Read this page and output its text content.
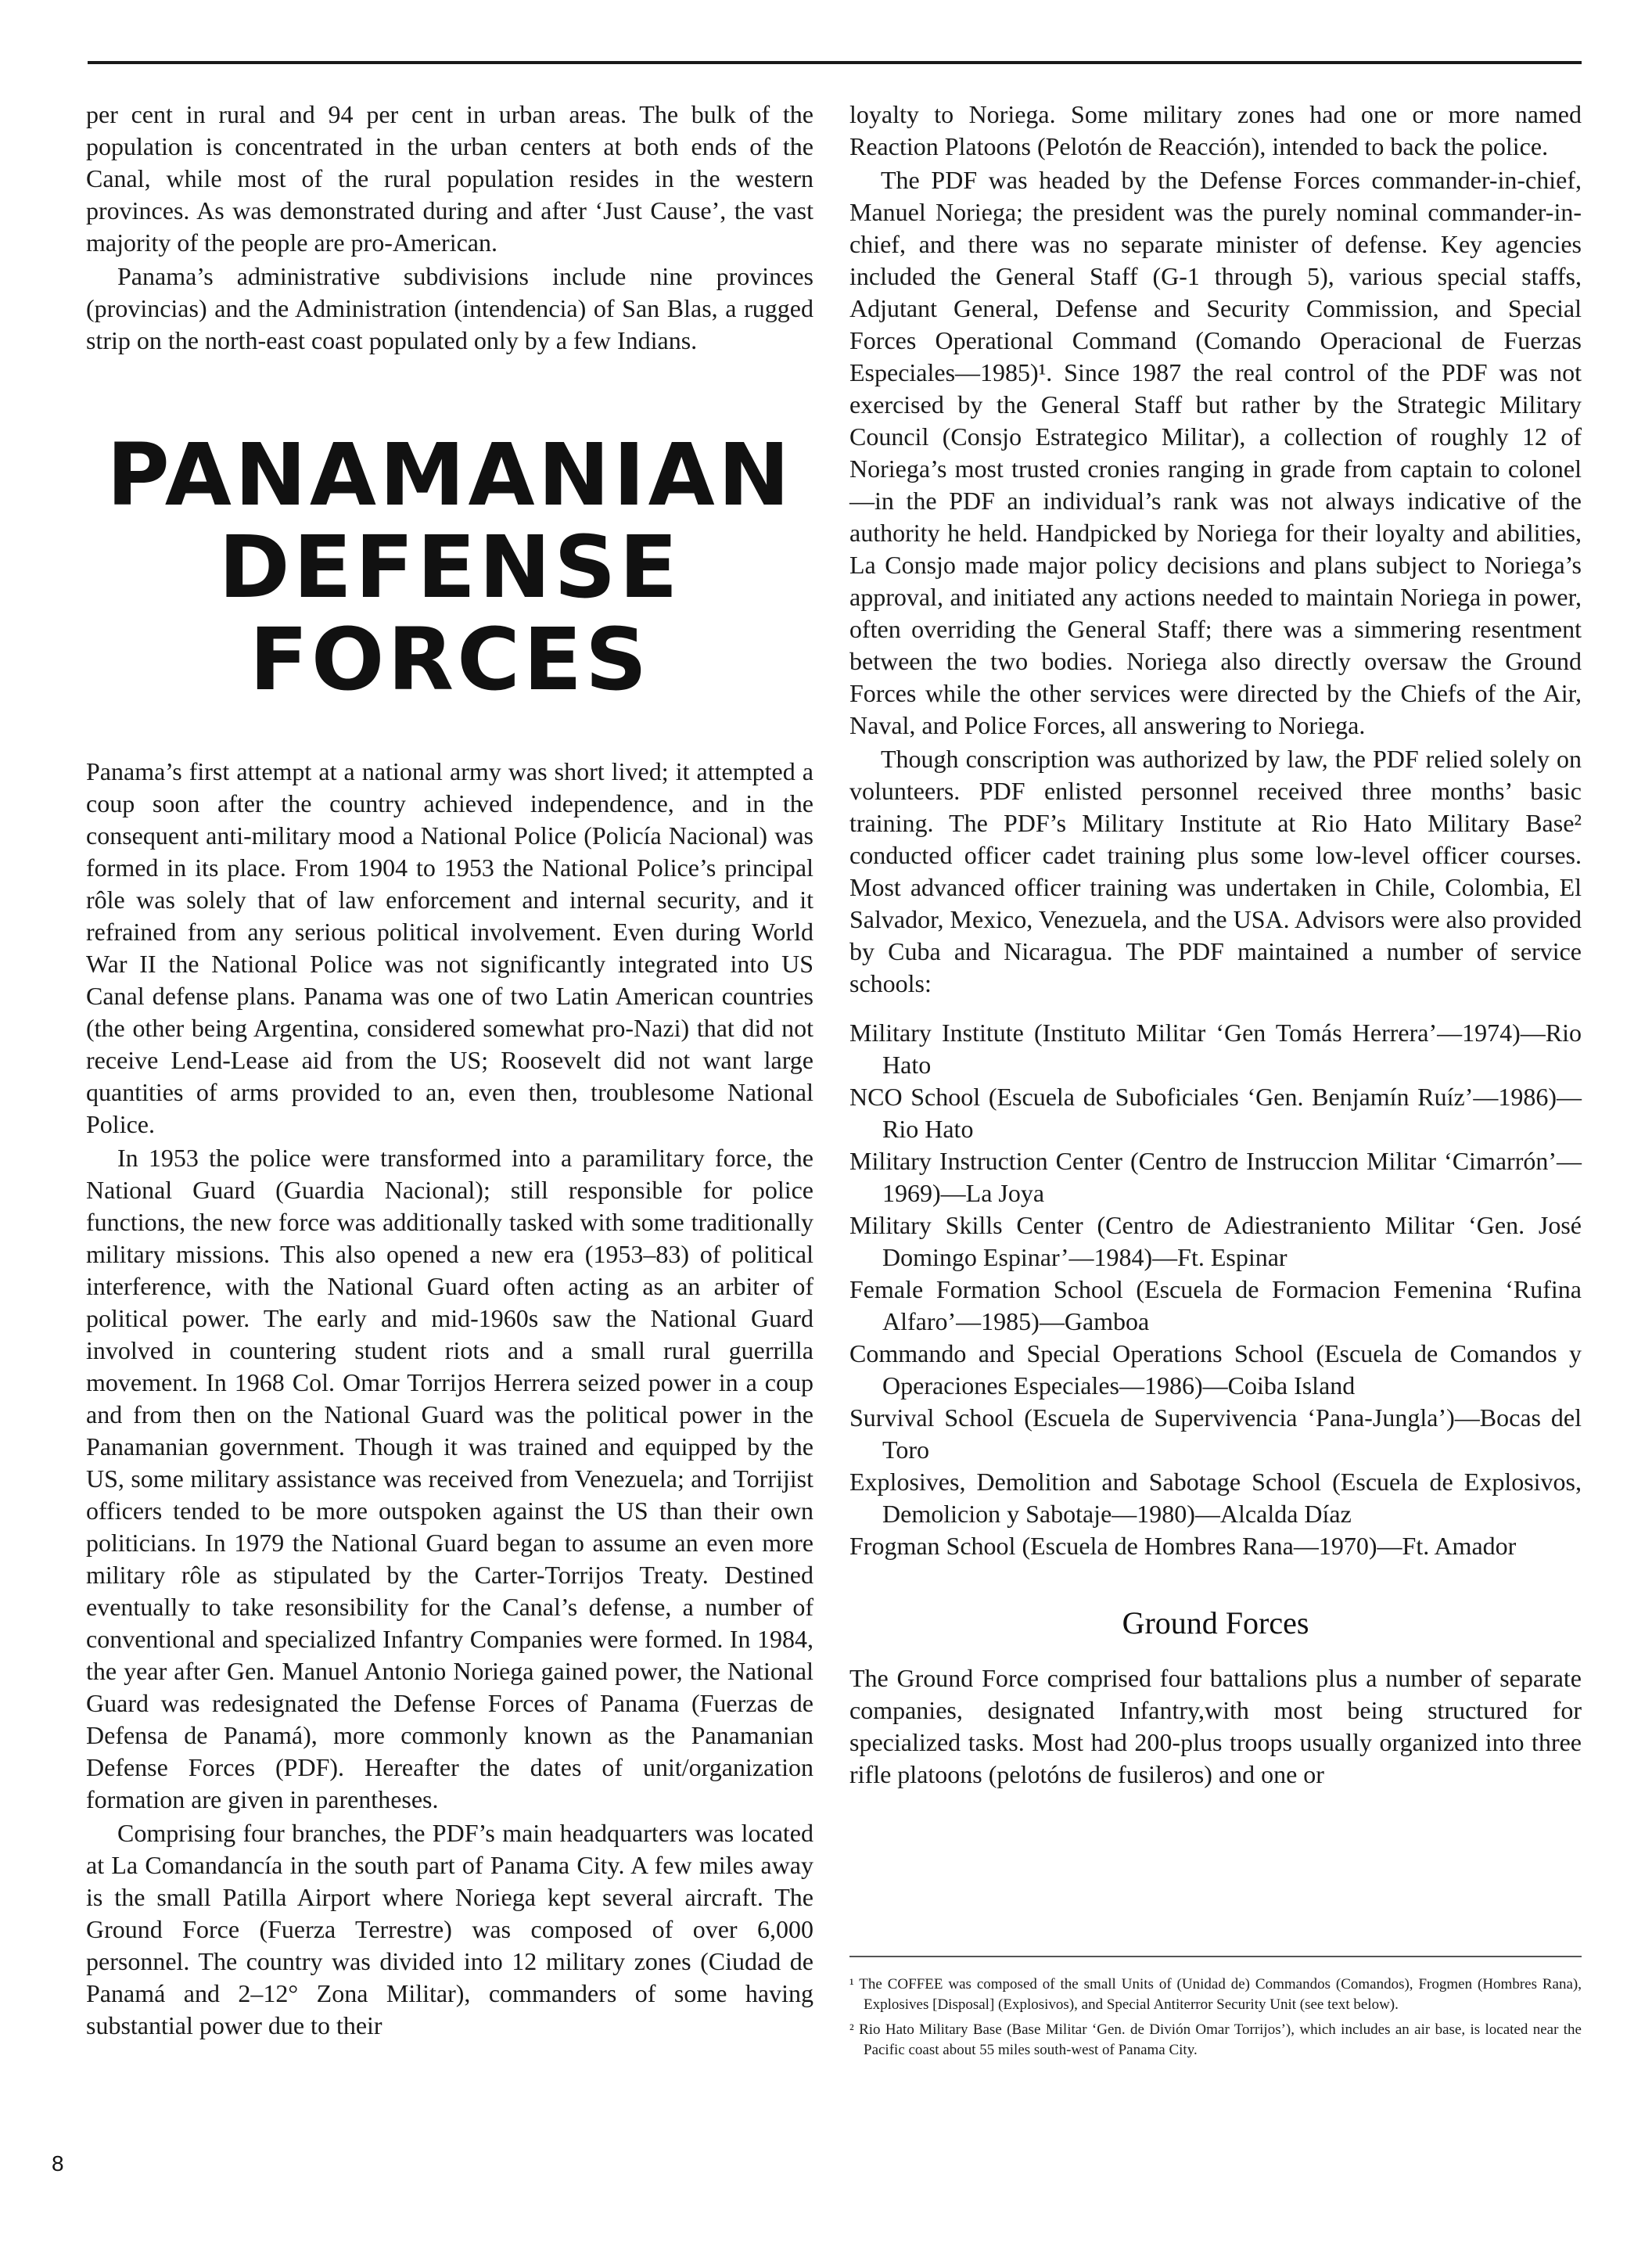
per cent in rural and 94 per cent in urban areas. The bulk of the population is concentrated in the urban centers at both ends of the Canal, while most of the rural population resides in the western provinces. As was demonstrated during and after ‘Just Cause’, the vast majority of the people are pro-American.

Panama’s administrative subdivisions include nine provinces (provincias) and the Administration (intendencia) of San Blas, a rugged strip on the north-east coast populated only by a few Indians.

PANAMANIAN
DEFENSE
FORCES

Panama’s first attempt at a national army was short lived; it attempted a coup soon after the country achieved independence, and in the consequent anti-military mood a National Police (Policía Nacional) was formed in its place. From 1904 to 1953 the National Police’s principal rôle was solely that of law enforcement and internal security, and it refrained from any serious political involvement. Even during World War II the National Police was not significantly integrated into US Canal defense plans. Panama was one of two Latin American countries (the other being Argentina, considered somewhat pro-Nazi) that did not receive Lend-Lease aid from the US; Roosevelt did not want large quantities of arms provided to an, even then, troublesome National Police.

In 1953 the police were transformed into a paramilitary force, the National Guard (Guardia Nacional); still responsible for police functions, the new force was additionally tasked with some traditionally military missions. This also opened a new era (1953–83) of political interference, with the National Guard often acting as an arbiter of political power. The early and mid-1960s saw the National Guard involved in countering student riots and a small rural guerrilla movement. In 1968 Col. Omar Torrijos Herrera seized power in a coup and from then on the National Guard was the political power in the Panamanian government. Though it was trained and equipped by the US, some military assistance was received from Venezuela; and Torrijist officers tended to be more outspoken against the US than their own politicians. In 1979 the National Guard began to assume an even more military rôle as stipulated by the Carter-Torrijos Treaty. Destined eventually to take resonsibility for the Canal’s defense, a number of conventional and specialized Infantry Companies were formed. In 1984, the year after Gen. Manuel Antonio Noriega gained power, the National Guard was redesignated the Defense Forces of Panama (Fuerzas de Defensa de Panamá), more commonly known as the Panamanian Defense Forces (PDF). Hereafter the dates of unit/organization formation are given in parentheses.

Comprising four branches, the PDF’s main headquarters was located at La Comandancía in the south part of Panama City. A few miles away is the small Patilla Airport where Noriega kept several aircraft. The Ground Force (Fuerza Terrestre) was composed of over 6,000 personnel. The country was divided into 12 military zones (Ciudad de Panamá and 2–12° Zona Militar), commanders of some having substantial power due to their

loyalty to Noriega. Some military zones had one or more named Reaction Platoons (Pelotón de Reacción), intended to back the police.

The PDF was headed by the Defense Forces commander-in-chief, Manuel Noriega; the president was the purely nominal commander-in-chief, and there was no separate minister of defense. Key agencies included the General Staff (G-1 through 5), various special staffs, Adjutant General, Defense and Security Commission, and Special Forces Operational Command (Comando Operacional de Fuerzas Especiales—1985)¹. Since 1987 the real control of the PDF was not exercised by the General Staff but rather by the Strategic Military Council (Consjo Estrategico Militar), a collection of roughly 12 of Noriega’s most trusted cronies ranging in grade from captain to colonel—in the PDF an individual’s rank was not always indicative of the authority he held. Handpicked by Noriega for their loyalty and abilities, La Consjo made major policy decisions and plans subject to Noriega’s approval, and initiated any actions needed to maintain Noriega in power, often overriding the General Staff; there was a simmering resentment between the two bodies. Noriega also directly oversaw the Ground Forces while the other services were directed by the Chiefs of the Air, Naval, and Police Forces, all answering to Noriega.

Though conscription was authorized by law, the PDF relied solely on volunteers. PDF enlisted personnel received three months’ basic training. The PDF’s Military Institute at Rio Hato Military Base² conducted officer cadet training plus some low-level officer courses. Most advanced officer training was undertaken in Chile, Colombia, El Salvador, Mexico, Venezuela, and the USA. Advisors were also provided by Cuba and Nicaragua. The PDF maintained a number of service schools:

Military Institute (Instituto Militar ‘Gen Tomás Herrera’—1974)—Rio Hato
NCO School (Escuela de Suboficiales ‘Gen. Benjamín Ruíz’—1986)—Rio Hato
Military Instruction Center (Centro de Instruccion Militar ‘Cimarrón’—1969)—La Joya
Military Skills Center (Centro de Adiestraniento Militar ‘Gen. José Domingo Espinar’—1984)—Ft. Espinar
Female Formation School (Escuela de Formacion Femenina ‘Rufina Alfaro’—1985)—Gamboa
Commando and Special Operations School (Escuela de Comandos y Operaciones Especiales—1986)—Coiba Island
Survival School (Escuela de Supervivencia ‘Pana-Jungla’)—Bocas del Toro
Explosives, Demolition and Sabotage School (Escuela de Explosivos, Demolicion y Sabotaje—1980)—Alcalda Díaz
Frogman School (Escuela de Hombres Rana—1970)—Ft. Amador
Ground Forces

The Ground Force comprised four battalions plus a number of separate companies, designated Infantry,with most being structured for specialized tasks. Most had 200-plus troops usually organized into three rifle platoons (pelotóns de fusileros) and one or

¹ The COFFEE was composed of the small Units of (Unidad de) Commandos (Comandos), Frogmen (Hombres Rana), Explosives [Disposal] (Explosivos), and Special Antiterror Security Unit (see text below).

² Rio Hato Military Base (Base Militar ‘Gen. de Divión Omar Torrijos’), which includes an air base, is located near the Pacific coast about 55 miles south-west of Panama City.

8
